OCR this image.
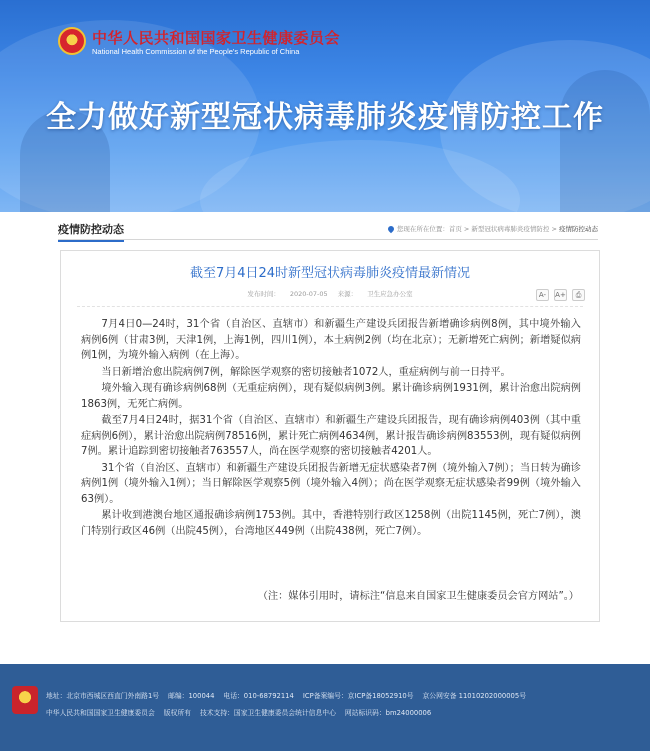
中华人民共和国国家卫生健康委员会
National Health Commission of the People's Republic of China
全力做好新型冠状病毒肺炎疫情防控工作
疫情防控动态	您现在所在位置：首页 > 新型冠状病毒肺炎疫情防控 > 疫情防控动态
截至7月4日24时新型冠状病毒肺炎疫情最新情况
发布时间： 2020-07-05 来源： 卫生应急办公室	A-	A+	⎙

7月4日0—24时，31个省（自治区、直辖市）和新疆生产建设兵团报告新增确诊病例8例，其中境外输入病例6例（甘肃3例，天津1例，上海1例，四川1例），本土病例2例（均在北京）；无新增死亡病例；新增疑似病例1例，为境外输入病例（在上海）。

当日新增治愈出院病例7例，解除医学观察的密切接触者1072人，重症病例与前一日持平。

境外输入现有确诊病例68例（无重症病例），现有疑似病例3例。累计确诊病例1931例，累计治愈出院病例1863例，无死亡病例。

截至7月4日24时，据31个省（自治区、直辖市）和新疆生产建设兵团报告，现有确诊病例403例（其中重症病例6例），累计治愈出院病例78516例，累计死亡病例4634例，累计报告确诊病例83553例，现有疑似病例7例。累计追踪到密切接触者763557人，尚在医学观察的密切接触者4201人。

31个省（自治区、直辖市）和新疆生产建设兵团报告新增无症状感染者7例（境外输入7例）；当日转为确诊病例1例（境外输入1例）；当日解除医学观察5例（境外输入4例）；尚在医学观察无症状感染者99例（境外输入63例）。

累计收到港澳台地区通报确诊病例1753例。其中，香港特别行政区1258例（出院1145例，死亡7例），澳门特别行政区46例（出院45例），台湾地区449例（出院438例，死亡7例）。

（注：媒体引用时，请标注“信息来自国家卫生健康委员会官方网站”。）
地址：北京市西城区西直门外南路1号 邮编：100044 电话：010-68792114 ICP备案编号：京ICP备18052910号 京公网安备 11010202000005号
中华人民共和国国家卫生健康委员会 版权所有 技术支持：国家卫生健康委员会统计信息中心 网站标识码：bm24000006
